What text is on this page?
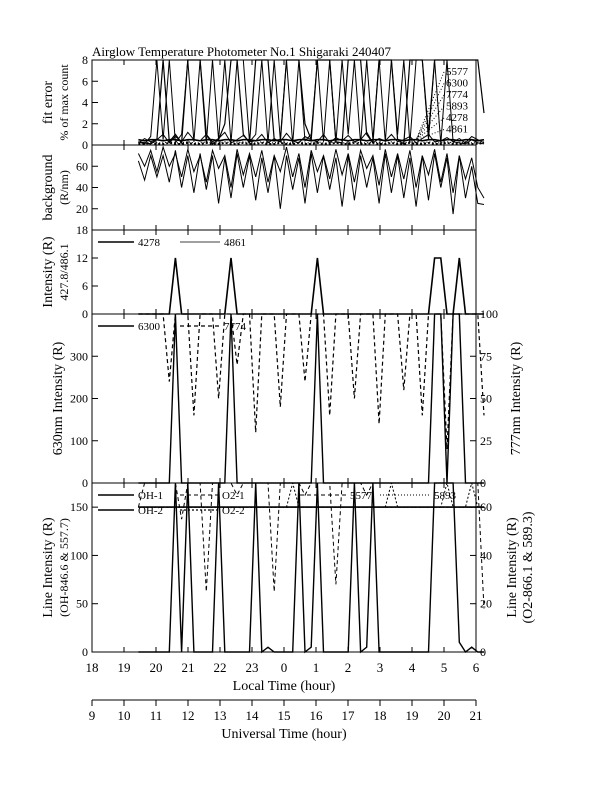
Airglow Temperature Photometer No.1 Shigaraki 240407
0
2
4
6
8
fit error % of max count	5577
6300
7774
5893
4278
4861
20
40
60
background (R/nm)
0
6
12
18
Intensity (R) 427.8/486.1
4278	4861
0
100
200
300
0
25
50
75
100
630nm Intensity (R)	777nm Intensity (R)
6300	7774
0
50
100
150
0
20
40
60
Line Intensity (R) (OH-846.6 & 557.7)	Line Intensity (R) (O2-866.1 & 589.3)
OH-1	O2-1	5577	5893
OH-2	O2-2
18 19 20 21 22 23 0 1 2 3 4 5 6
Local Time (hour)
9 10 11 12 13 14 15 16 17 18 19 20 21
Universal Time (hour)
